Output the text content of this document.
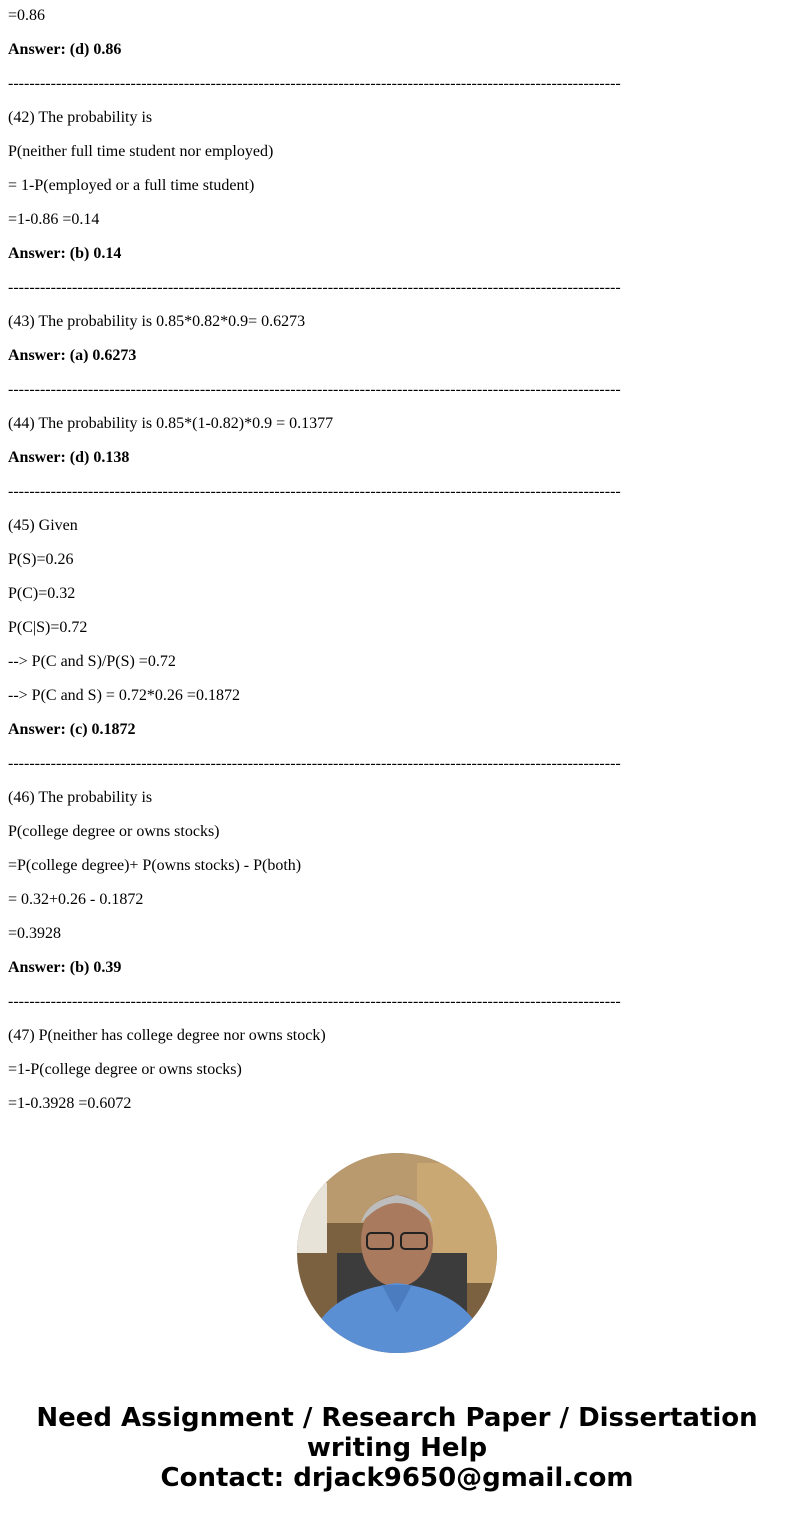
=0.86
Answer: (d) 0.86
-------------------------------------------------------------------------------------------------------------------
(42) The probability is
P(neither full time student nor employed)
= 1-P(employed or a full time student)
=1-0.86 =0.14
Answer: (b) 0.14
-------------------------------------------------------------------------------------------------------------------
(43) The probability is 0.85*0.82*0.9= 0.6273
Answer: (a) 0.6273
-------------------------------------------------------------------------------------------------------------------
(44) The probability is 0.85*(1-0.82)*0.9 = 0.1377
Answer: (d) 0.138
-------------------------------------------------------------------------------------------------------------------
(45) Given
P(S)=0.26
P(C)=0.32
P(C|S)=0.72
--> P(C and S)/P(S) =0.72
--> P(C and S) = 0.72*0.26 =0.1872
Answer: (c) 0.1872
-------------------------------------------------------------------------------------------------------------------
(46) The probability is
P(college degree or owns stocks)
=P(college degree)+ P(owns stocks) - P(both)
= 0.32+0.26 - 0.1872
=0.3928
Answer: (b) 0.39
-------------------------------------------------------------------------------------------------------------------
(47) P(neither has college degree nor owns stock)
=1-P(college degree or owns stocks)
=1-0.3928 =0.6072
Need Assignment / Research Paper / Dissertation
writing Help
Contact: drjack9650@gmail.com
